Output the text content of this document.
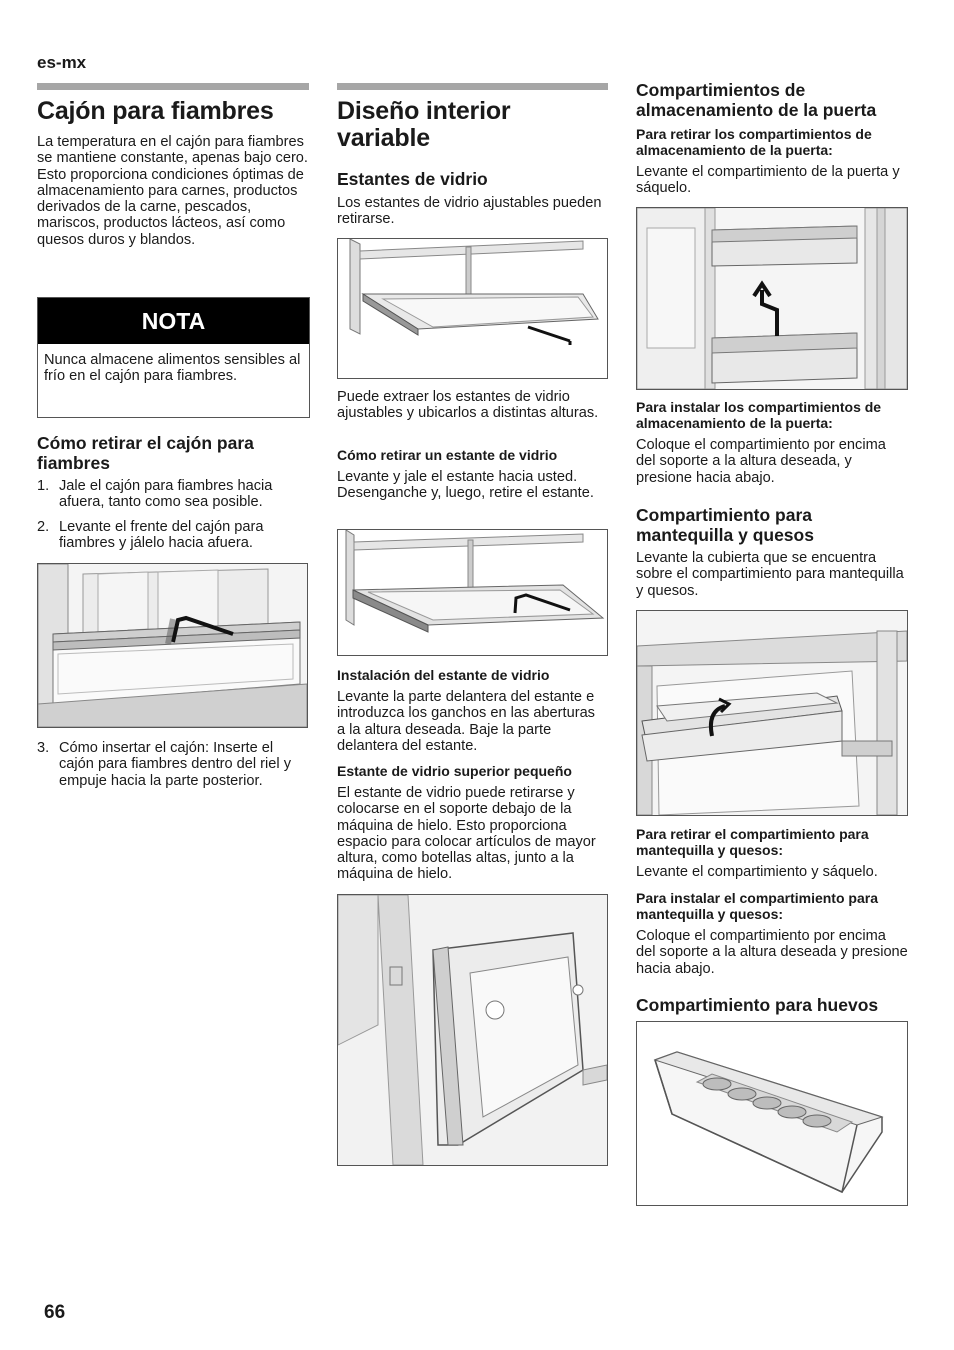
es-mx
Cajón para fiambres

La temperatura en el cajón para fiambres se mantiene constante, apenas bajo cero. Esto proporciona condiciones óptimas de almacenamiento para carnes, productos derivados de la carne, pescados, mariscos, productos lácteos, así como quesos duros y blandos.

NOTA

Nunca almacene alimentos sensibles al frío en el cajón para fiambres.

Cómo retirar el cajón para fiambres
1. Jale el cajón para fiambres hacia afuera, tanto como sea posible.
2. Levante el frente del cajón para fiambres y jálelo hacia afuera.
3. Cómo insertar el cajón: Inserte el cajón para fiambres dentro del riel y empuje hacia la parte posterior.
Diseño interior variable
Estantes de vidrio

Los estantes de vidrio ajustables pueden retirarse.

Puede extraer los estantes de vidrio ajustables y ubicarlos a distintas alturas.

Cómo retirar un estante de vidrio

Levante y jale el estante hacia usted. Desenganche y, luego, retire el estante.

Instalación del estante de vidrio

Levante la parte delantera del estante e introduzca los ganchos en las aberturas a la altura deseada. Baje la parte delantera del estante.

Estante de vidrio superior pequeño

El estante de vidrio puede retirarse y colocarse en el soporte debajo de la máquina de hielo. Esto proporciona espacio para colocar artículos de mayor altura, como botellas altas, junto a la máquina de hielo.

Compartimientos de almacenamiento de la puerta
Para retirar los compartimientos de almacenamiento de la puerta:

Levante el compartimiento de la puerta y sáquelo.

Para instalar los compartimientos de almacenamiento de la puerta:

Coloque el compartimiento por encima del soporte a la altura deseada, y presione hacia abajo.

Compartimiento para mantequilla y quesos

Levante la cubierta que se encuentra sobre el compartimiento para mantequilla y quesos.

Para retirar el compartimiento para mantequilla y quesos:

Levante el compartimiento y sáquelo.

Para instalar el compartimiento para mantequilla y quesos:

Coloque el compartimiento por encima del soporte a la altura deseada y presione hacia abajo.

Compartimiento para huevos
66
